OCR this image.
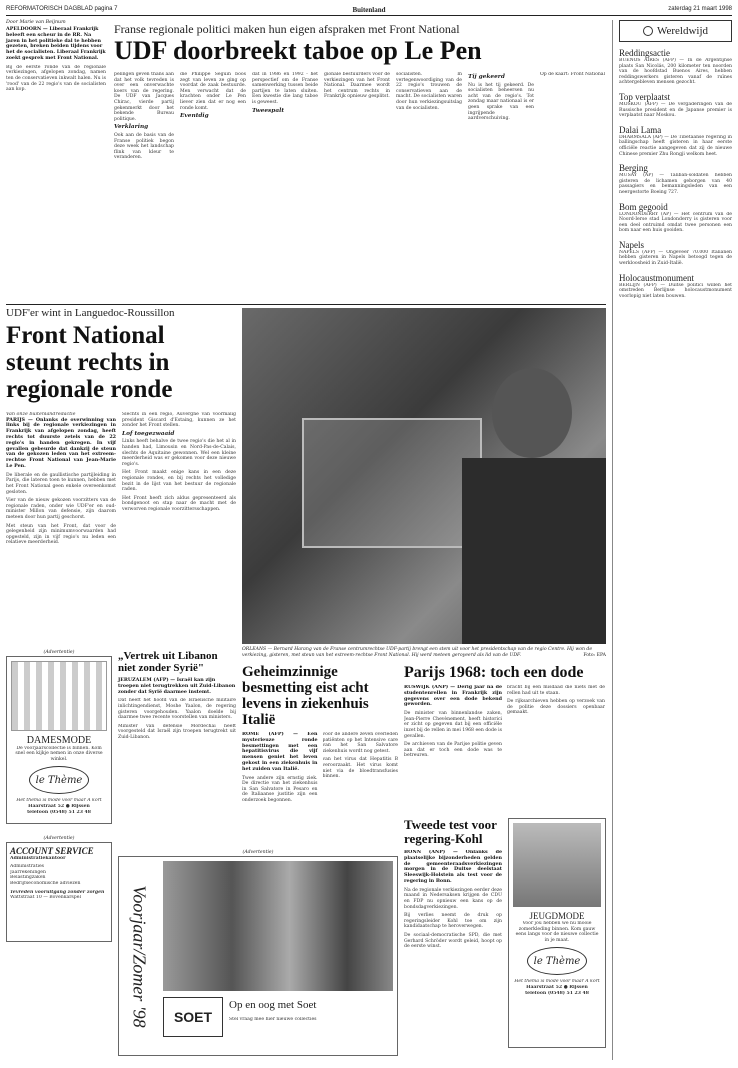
REFORMATORISCH DAGBLAD pagina 7	Buitenland	zaterdag 21 maart 1998
Door Marie van Beijnum
APELDOORN — Liberaal Frankrijk beleeft een scheur in de RR. Na jaren in het politieke dal te hebben gezeten, breken beiden tijdens voor het de socialisten. Liberaal Frankrijk zoekt gesprek met Front National.
Bij de eerste ronde van de regionale verkiezingen, afgelopen zondag, namen ten de conservatieven inkwalt halen. Nu is 'rood' van de 22 regio's van de socialisten aan kop.
Franse regionale politici maken hun eigen afspraken met Front National
UDF doorbreekt taboe op Le Pen

pelingen geven thans aan dat het volk tevreden is over een onverwachte koers van de regering. De UDF van Jacques Chirac, vierde partij gekenmerkt door het bekende Bureau politique.

Verklaring

Ook aan de basis van de Franse politiek begon deze week het landschap flink van kleur te veranderen.

die Philippe Séguin boos zegt van leven ze ging op voordat de zaak bestuurde. Men verwacht dat de krachten onder Le Pen liever zien dat er nog een ronde komt.

Eventdig

dat in 1986 en 1992 - het perspectief om de Franse samenwerking tussen beide partijen te laten sluiten. Een kwestie die lang taboe is geweest.

Tweespalt

gionale bestuurders voor de verkiezingen van het Front National. Daarmee wordt het centrum rechts in Frankrijk opnieuw gesplitst.

socialisten. In vertegenwoordiging van de 22 regio's trouwen de conservatieven aan de macht. De socialisten waren door hun verkiezingsuitslag van de socialisten.

Tij gekeerd

Nu is het tij gekeerd. De socialisten beheersen nu acht van de regio's. Tot zondag maar nationaal is er geen sprake van een ingrijpende aardverschuiving.

Op de kaart: Front National

Wereldwijd
Reddingsactie
BUENOS AIRES (AFP) — In de Argentijnse plaats San Nicolás, 200 kilometer ten noorden van de hoofdstad Buenos Aires, hebben reddingswerkers gisteren vanaf de ruïnes achtergebleven mensen gezocht.
Top verplaatst
MOSKOU (AFP) — De vergaderingen van de Russische president en de Japanse premier is verplaatst naar Moskou.
Dalai Lama
DHARMSALA (AP) — De Tibetaanse regering in ballingschap heeft gisteren in haar eerste officiële reactie aangegeven dat zij de nieuwe Chinese premier Zhu Rongji welkom heet.
Berging
MUSAY (AP) — Taliban-soldaten hebben gisteren de lichamen geborgen van 40 passagiers en bemanningsleden van een neergestorte Boeing 727.
Bom gegooid
LONDONDERRY (AP) — Het centrum van de Noord-Ierse stad Londonderry is gisteren voor een deel ontruimd omdat twee personen een bom naar een huis gooiden.
Napels
NAPELS (AFP) — Ongeveer 70.000 Italianen hebben gisteren in Napels betoogd tegen de werkloosheid in Zuid-Italië.
Holocaustmonument
BERLIJN (AFP) — Duitse politici willen het omstreden Berlijnse holocaustmonument voorlopig niet laten bouwen.
UDF'er wint in Languedoc-Roussillon
Front National steunt rechts in regionale ronde
Van onze buitenlandredactie
PARIJS — Onlanks de overwinning van links bij de regionale verkiezingen in Frankrijk van afgelopen zondag, heeft rechts tot duurste zetels van de 22 regio's in handen gekregen. In vijf gevallen gebeurde dat dankzij de steun van de gekozen leden van het extreem-rechtse Front National van Jean-Marie Le Pen.

De liberale en de gaullistische partijleiding in Parijs, die lateren toen te kunnen, hebben met het Front National geen enkele overeenkomst gesloten.

Vier van de nieuw gekozen voorzitters van de regionale raden, onder wie UDF'er en oud-minister Millon van defensie, zijn daarom meteen door hun partij geschorst.

Met steun van het Front, dat voor de gelegenheid zijn minimumvoorwaarden had opgesteld, zijn in vijf regio's nu leden een relatieve meerderheid.

Slechts in één regio, Auvergne van voormalig president Giscard d'Estaing, kunnen ze het zonder het Front stellen.

Lof toegezwaaid

Links heeft behalve de twee regio's die het al in handen had, Limousin en Nord-Pas-de-Calais, slechts de Aquitaine gewonnen. Wel een kleine meerderheid was er gekomen voor deze nieuwe regio's.

Het Front maakt enige kans in een deze regionale rondes, en bij rechts het volledige bezit in de lijst van het bestuur de regionale raden.

Het Front heeft zich aldus gepresenteerd als bondgenoot en stap naar de macht met de verworven regionale voorzittersschappen.

ORLEANS — Bernard Harang van de Franse centrumrechtse UDF-partij brengt een stem uit voor het presidentschap van de regio Centre. Hij won de verkiezing, gisteren, met steun van het extreem-rechtse Front National. Hij werd meteen geroyeerd als lid van de UDF.	Foto: EPA
(Advertentie)
DAMESMODE
De voorjaarscollectie is binnen. Kom snel een kijkje nemen in onze diverse winkel.
le Thème
Het thema is mode voor maar A kort
Haarstraat 52 ● Rijssen
telefoon (0548) 51 23 48
(Advertentie)
ACCOUNT SERVICE
Administratiekantoor
Administraties
Jaarrekeningen
Belastingzaken
Bedrijfseconomische adviezen
Tevreden vooruitgang zonder zorgen
Wattstraat 10 — Bovenkarspel
„Vertrek uit Libanon niet zonder Syrië"
JERUZALEM (AFP) — Israël kan zijn troepen niet terugtrekken uit Zuid-Libanon zonder dat Syrië daarmee instemt.
Dat heeft het hoofd van de Israëlische militaire inlichtingendienst, Moshe Yaalon, de regering gisteren voorgehouden. Yaalon doelde bij daarmee twee recente voorstellen van ministers.
Minister van defensie Mordechai heeft voorgesteld dat Israël zijn troepen terugtrekt uit Zuid-Libanon.
Geheimzinnige besmetting eist acht levens in ziekenhuis Italië
ROME (AFP) — Een mysterieuze ronde besmettingen met een hepatitisvirus die vijf mensen geniet het leven gekost in een ziekenhuis in het zuiden van Italië.

Twee andere zijn ernstig ziek. De directie van het ziekenhuis in San Salvatore in Pesaro en de Italiaanse justitie zijn een onderzoek begonnen.

voor de andere zeven overleden patiënten op het Intensive care van het San Salvatore ziekenhuis wordt nog getest.

van het virus dat Hepatitis B veroorzaakt. Het virus komt niet via de bloedtransfusies binnen.

Parijs 1968: toch een dode
RUSWIJK (ANP) — Derig jaar na de studentenrellen in Frankrijk zijn gegevens over een dode bekend geworden.

De minister van binnenlandse zaken, Jean-Pierre Chevènement, heeft historici er zicht op gegeven dat bij een officiële inzet bij de rellen in mei 1968 een dode is gevallen.

De archieven van de Parijse politie geven aan dat er toch een dode was te betreuren.

bracht bij een misdaad die niets met de rellen had uit te staan.

De rijksarchieven hebben op verzoek van de politie deze dossiers openbaar gemaakt.

(Advertentie)
Voorjaar/Zomer '98	SOET
Op en oog met Soet
Stel vraag mee hier nieuwe collecties
Tweede test voor regering-Kohl
BONN (ANP) — Onlanks de plaatselijke bijzonderheden gelden de gemeenteraadsverkiezingen morgen in de Duitse deelstaat Sleeswijk-Holstein als test voor de regering in Bonn.

Na de regionale verkiezingen eerder deze maand in Nedersaksen krijgen de CDU en FDP nu opnieuw een kans op de bondsdagverkiezingen.

Bij verlies neemt de druk op regeringsleider Kohl toe om zijn kandidaatschap te heroverwegen.

De sociaal-democratische SPD, die met Gerhard Schröder wordt geleid, hoopt op de eerste winst.

JEUGDMODE
Voor jou hebben we nu mooie zomerkleding binnen. Kom gauw eens langs voor de nieuwe collectie in je maat.
le Thème
Het thema is mode voor maar A kort
Haarstraat 52 ● Rijssen
telefoon (0548) 51 23 48
